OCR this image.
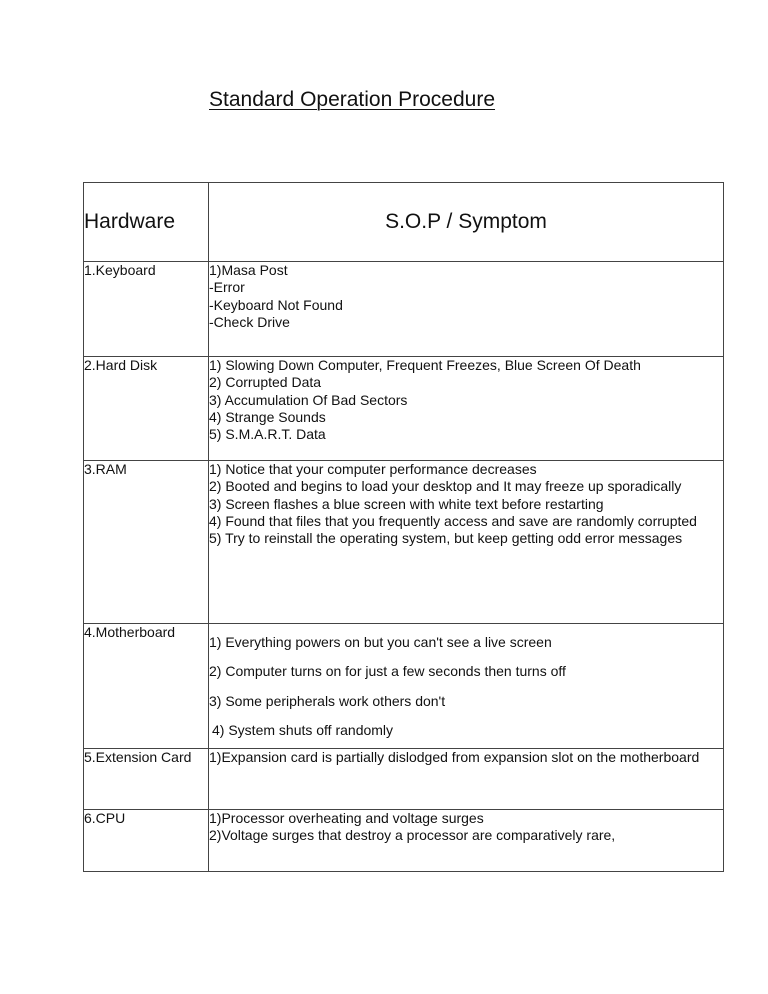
Standard Operation Procedure
Hardware	S.O.P / Symptom
1.Keyboard	1)Masa Post
-Error
-Keyboard Not Found
-Check Drive

2.Hard Disk	1) Slowing Down Computer, Frequent Freezes, Blue Screen Of Death
2) Corrupted Data
3) Accumulation Of Bad Sectors
4) Strange Sounds
5) S.M.A.R.T. Data

3.RAM	1) Notice that your computer performance decreases
2) Booted and begins to load your desktop and It may freeze up sporadically
3) Screen flashes a blue screen with white text before restarting
4) Found that files that you frequently access and save are randomly corrupted
5) Try to reinstall the operating system, but keep getting odd error messages

4.Motherboard	1) Everything powers on but you can't see a live screen
2) Computer turns on for just a few seconds then turns off
3) Some peripherals work others don't
4) System shuts off randomly

5.Extension Card	1)Expansion card is partially dislodged from expansion slot on the motherboard

6.CPU	1)Processor overheating and voltage surges
2)Voltage surges that destroy a processor are comparatively rare,
